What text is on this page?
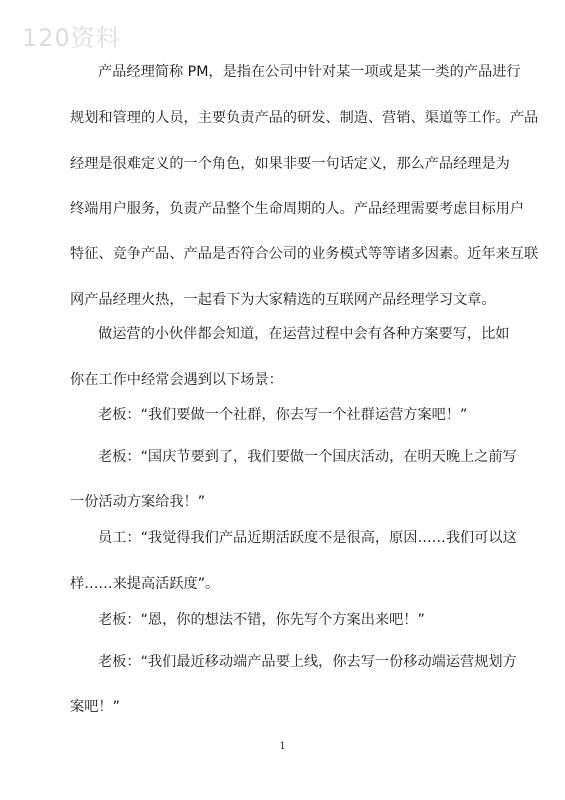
120资料
产品经理简称 PM，是指在公司中针对某一项或是某一类的产品进行
规划和管理的人员，主要负责产品的研发、制造、营销、渠道等工作。产品
经理是很难定义的一个角色，如果非要一句话定义，那么产品经理是为
终端用户服务，负责产品整个生命周期的人。产品经理需要考虑目标用户
特征、竞争产品、产品是否符合公司的业务模式等等诸多因素。近年来互联
网产品经理火热，一起看下为大家精选的互联网产品经理学习文章。
做运营的小伙伴都会知道，在运营过程中会有各种方案要写，比如
你在工作中经常会遇到以下场景：
老板：“我们要做一个社群，你去写一个社群运营方案吧！”
老板：“国庆节要到了，我们要做一个国庆活动，在明天晚上之前写
一份活动方案给我！”
员工：“我觉得我们产品近期活跃度不是很高，原因……我们可以这
样……来提高活跃度”。
老板：“恩，你的想法不错，你先写个方案出来吧！”
老板：“我们最近移动端产品要上线，你去写一份移动端运营规划方
案吧！”
1
